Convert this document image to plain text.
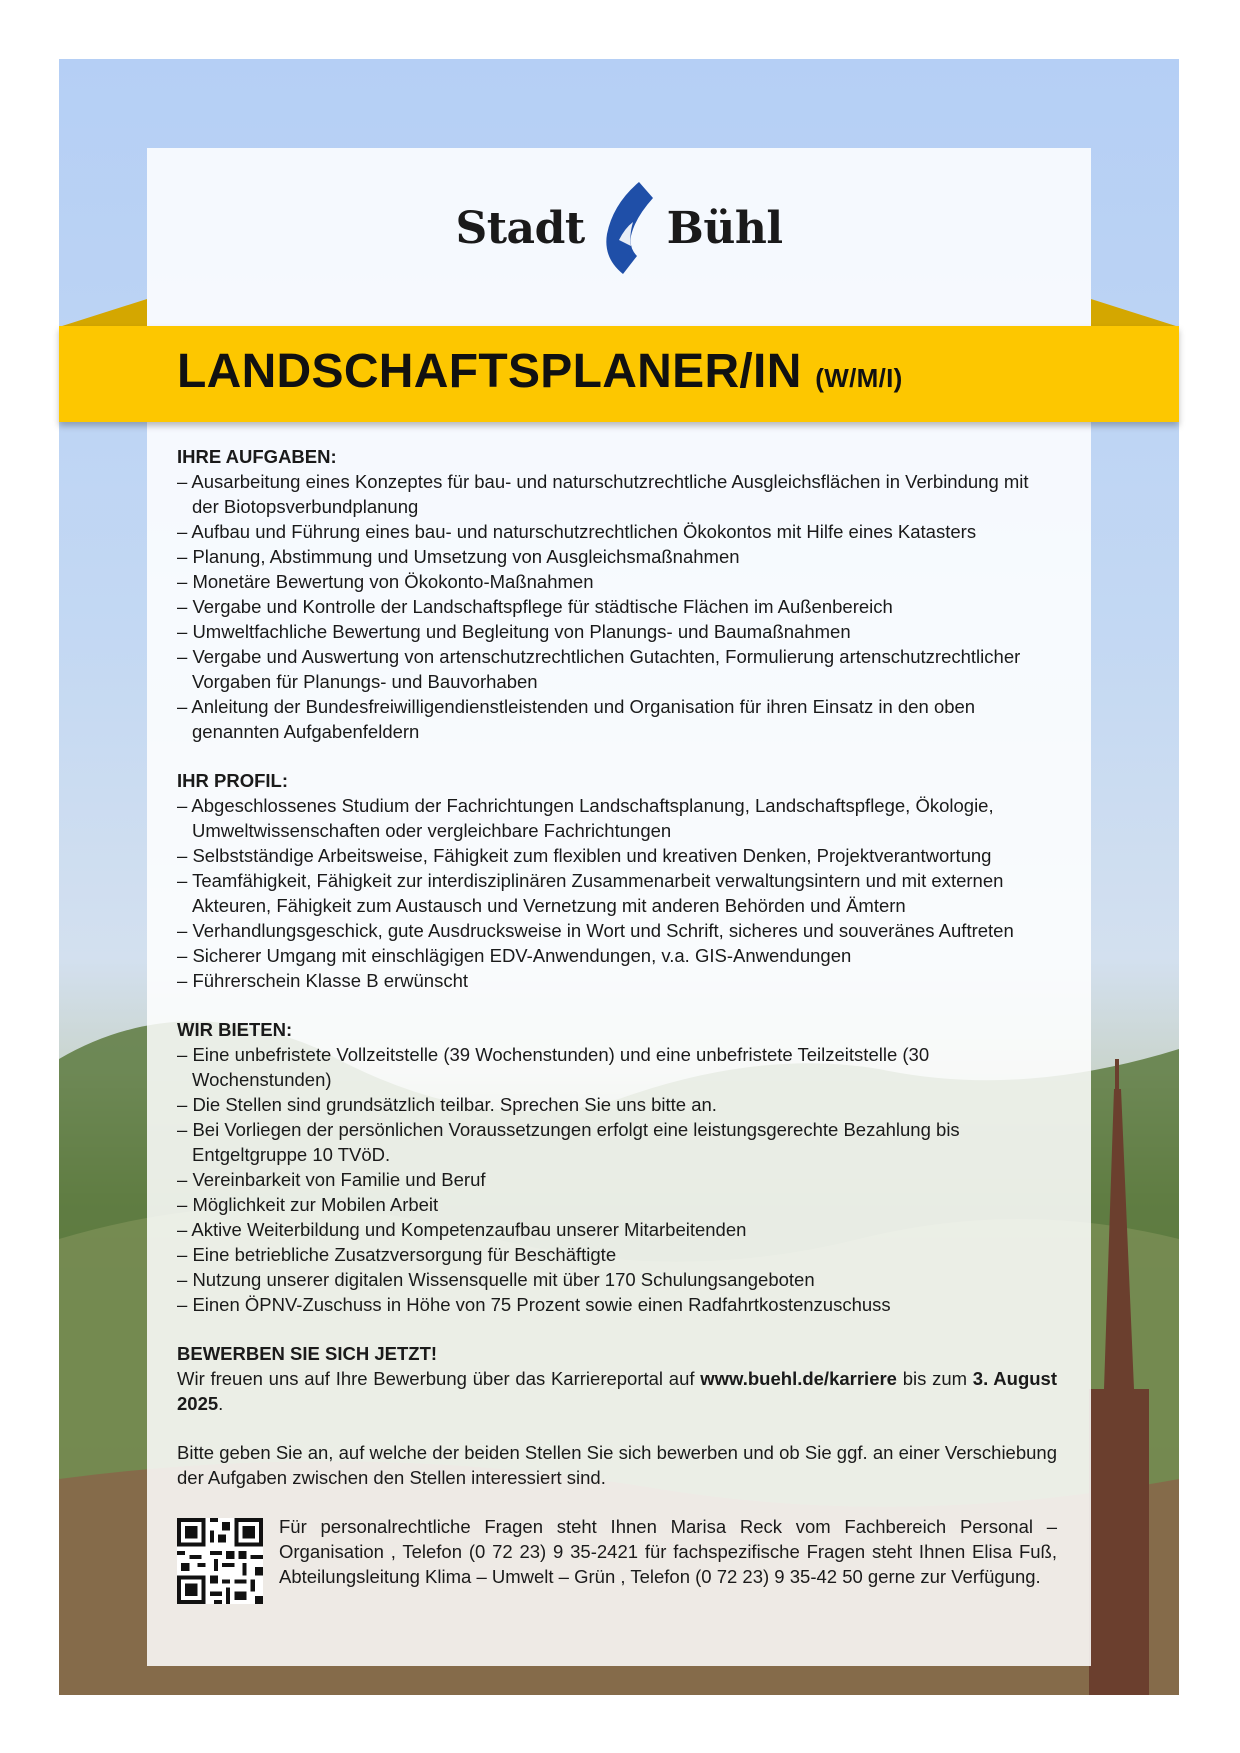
Stadt Bühl
LANDSCHAFTSPLANER/IN (W/M/I)

IHRE AUFGABEN:

– Ausarbeitung eines Konzeptes für bau- und naturschutzrechtliche Ausgleichsflächen in Verbindung mit der Biotopsverbundplanung
– Aufbau und Führung eines bau- und naturschutzrechtlichen Ökokontos mit Hilfe eines Katasters
– Planung, Abstimmung und Umsetzung von Ausgleichsmaßnahmen
– Monetäre Bewertung von Ökokonto-Maßnahmen
– Vergabe und Kontrolle der Landschaftspflege für städtische Flächen im Außenbereich
– Umweltfachliche Bewertung und Begleitung von Planungs- und Baumaßnahmen
– Vergabe und Auswertung von artenschutzrechtlichen Gutachten, Formulierung artenschutzrechtlicher Vorgaben für Planungs- und Bauvorhaben
– Anleitung der Bundesfreiwilligendienstleistenden und Organisation für ihren Einsatz in den oben genannten Aufgabenfeldern

IHR PROFIL:

– Abgeschlossenes Studium der Fachrichtungen Landschaftsplanung, Landschaftspflege, Ökologie, Umweltwissenschaften oder vergleichbare Fachrichtungen
– Selbstständige Arbeitsweise, Fähigkeit zum flexiblen und kreativen Denken, Projektverantwortung
– Teamfähigkeit, Fähigkeit zur interdisziplinären Zusammenarbeit verwaltungsintern und mit externen Akteuren, Fähigkeit zum Austausch und Vernetzung mit anderen Behörden und Ämtern
– Verhandlungsgeschick, gute Ausdrucksweise in Wort und Schrift, sicheres und souveränes Auftreten
– Sicherer Umgang mit einschlägigen EDV-Anwendungen, v.a. GIS-Anwendungen
– Führerschein Klasse B erwünscht

WIR BIETEN:

– Eine unbefristete Vollzeitstelle (39 Wochenstunden) und eine unbefristete Teilzeitstelle (30 Wochenstunden)
– Die Stellen sind grundsätzlich teilbar. Sprechen Sie uns bitte an.
– Bei Vorliegen der persönlichen Voraussetzungen erfolgt eine leistungsgerechte Bezahlung bis Entgeltgruppe 10 TVöD.
– Vereinbarkeit von Familie und Beruf
– Möglichkeit zur Mobilen Arbeit
– Aktive Weiterbildung und Kompetenzaufbau unserer Mitarbeitenden
– Eine betriebliche Zusatzversorgung für Beschäftigte
– Nutzung unserer digitalen Wissensquelle mit über 170 Schulungsangeboten
– Einen ÖPNV-Zuschuss in Höhe von 75 Prozent sowie einen Radfahrtkostenzuschuss

BEWERBEN SIE SICH JETZT!

Wir freuen uns auf Ihre Bewerbung über das Karriereportal auf www.buehl.de/karriere bis zum 3. August 2025.

Bitte geben Sie an, auf welche der beiden Stellen Sie sich bewerben und ob Sie ggf. an einer Verschiebung der Aufgaben zwischen den Stellen interessiert sind.

Für personalrechtliche Fragen steht Ihnen Marisa Reck vom Fachbereich Personal – Organisation , Telefon (0 72 23) 9 35-2421 für fachspezifische Fragen steht Ihnen Elisa Fuß, Abteilungsleitung Klima – Umwelt – Grün , Telefon (0 72 23) 9 35-42 50 gerne zur Verfügung.
